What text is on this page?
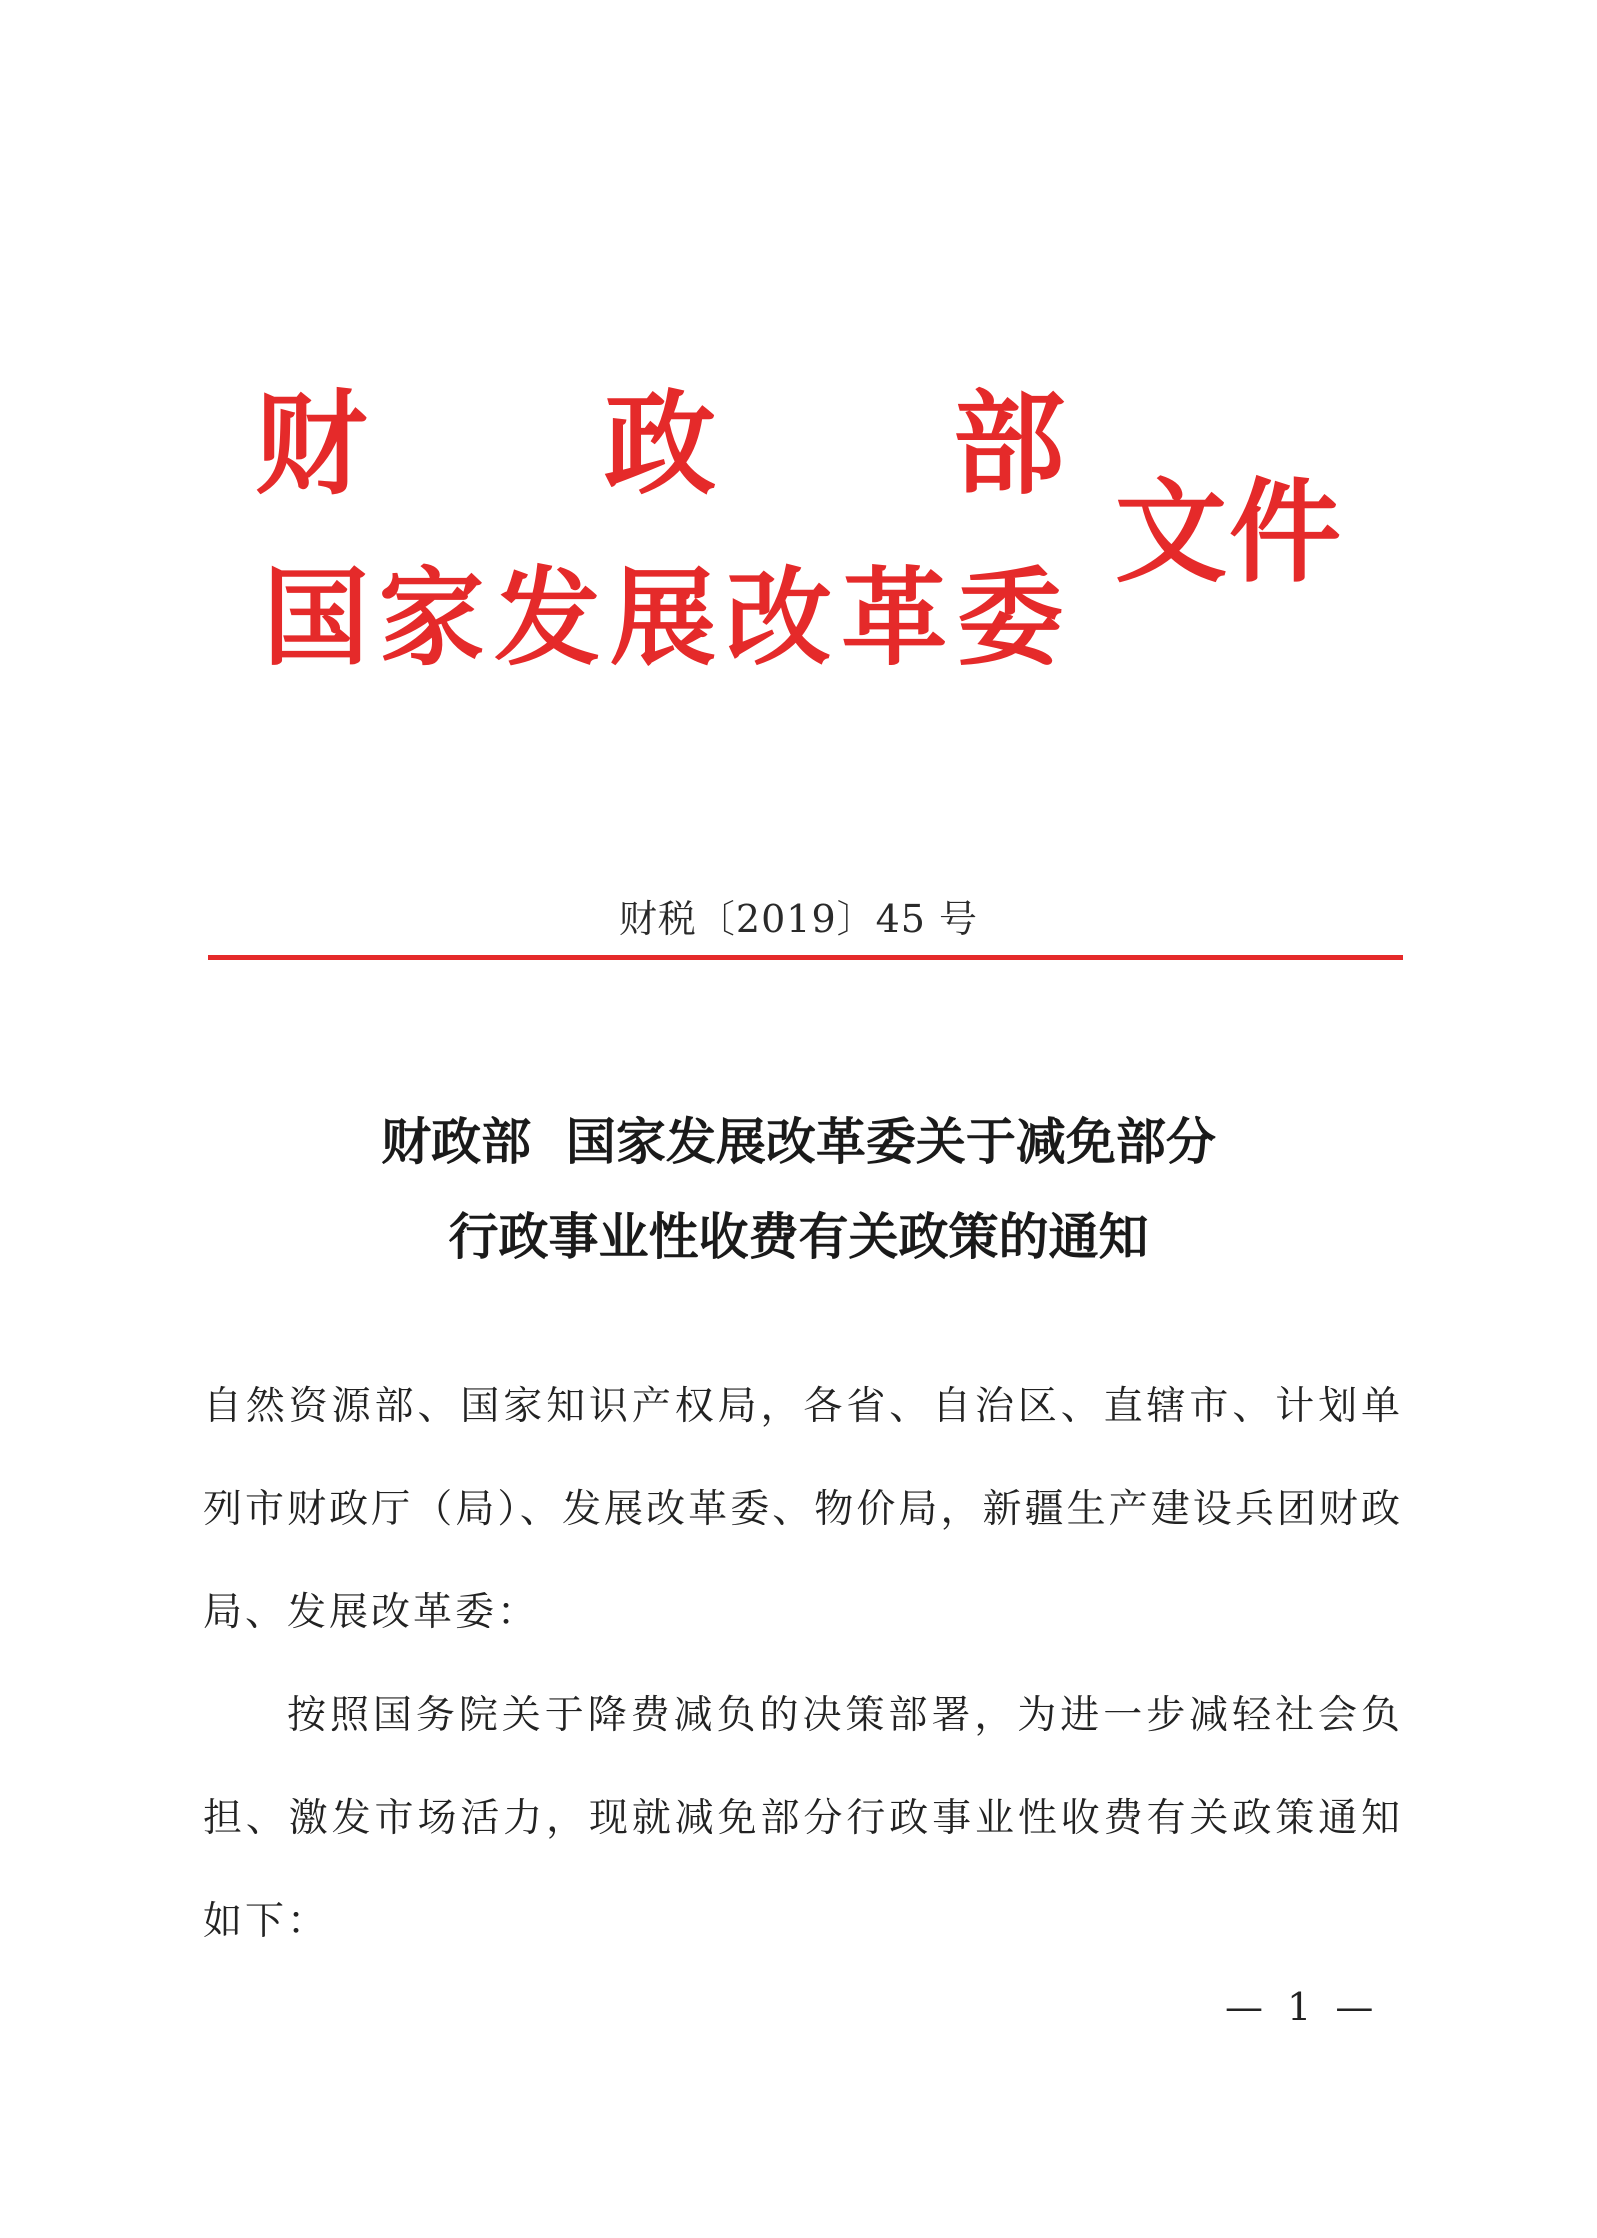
财 政 部
国 家 发 展 改 革 委
文件
财税〔2019〕45 号
财政部  国家发展改革委关于减免部分
行政事业性收费有关政策的通知

自然资源部、国家知识产权局，各省、自治区、直辖市、计划单列市财政厅（局）、发展改革委、物价局，新疆生产建设兵团财政局、发展改革委：

按照国务院关于降费减负的决策部署，为进一步减轻社会负担、激发市场活力，现就减免部分行政事业性收费有关政策通知如下：

— 1 —
